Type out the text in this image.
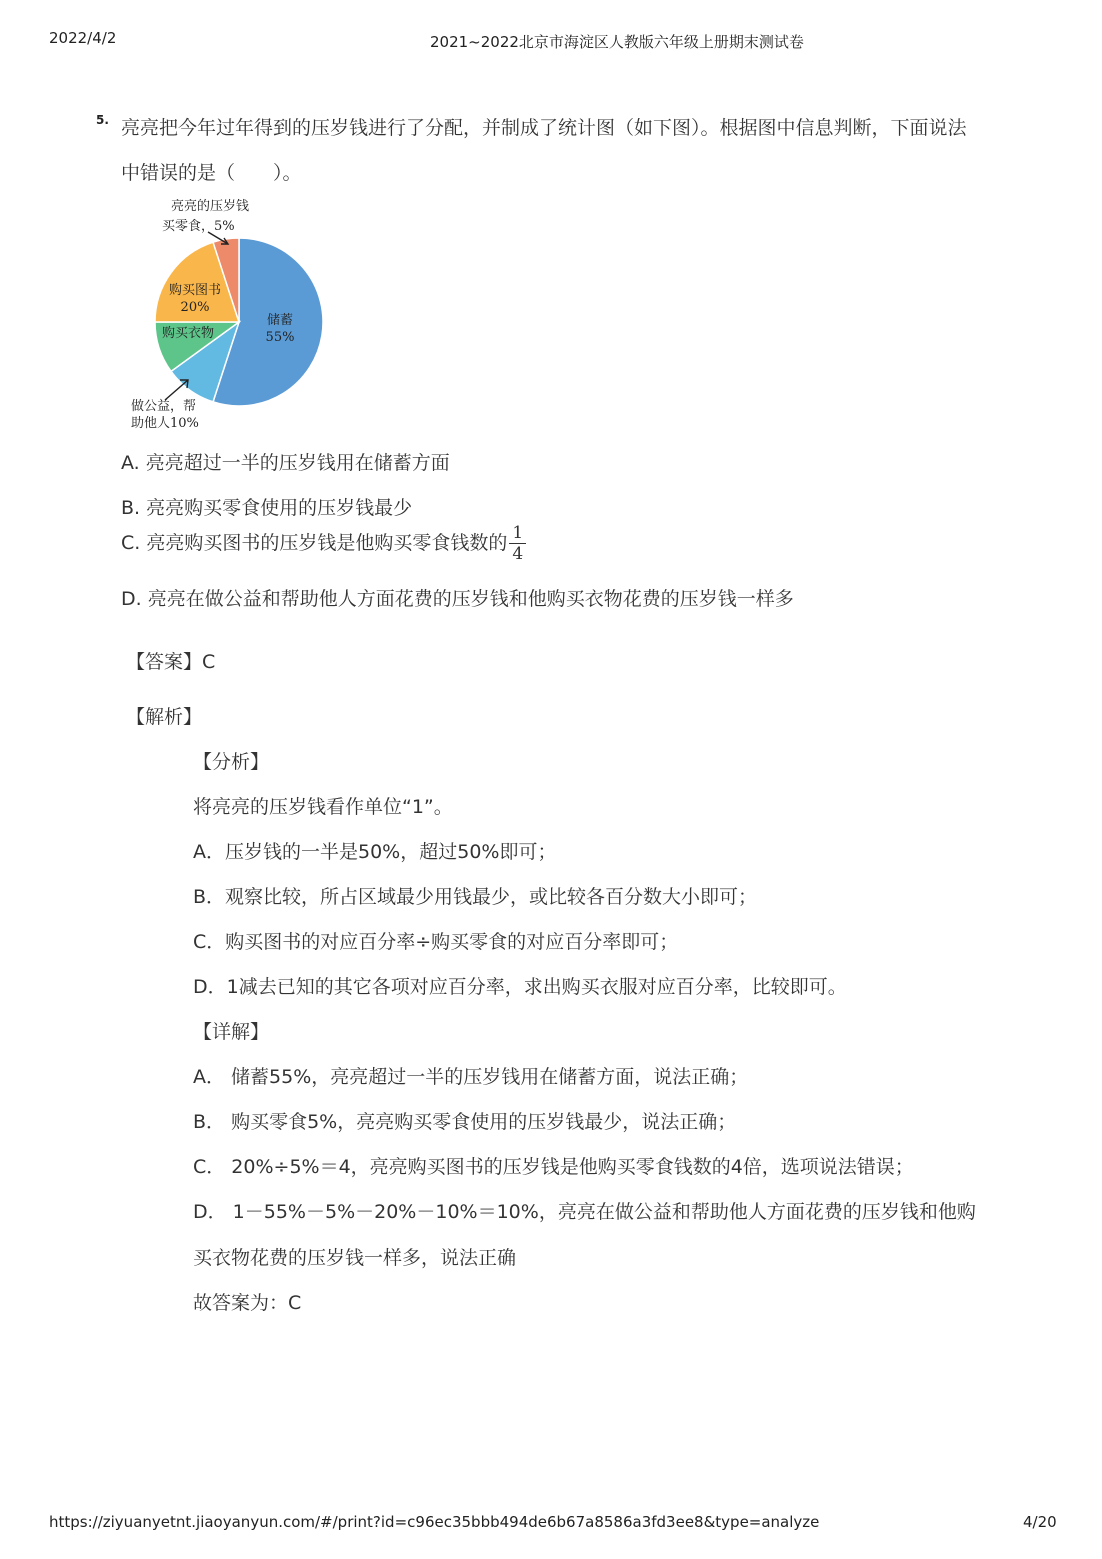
2022/4/2	2021~2022北京市海淀区人教版六年级上册期末测试卷
5. 亮亮把今年过年得到的压岁钱进行了分配，并制成了统计图（如下图）。根据图中信息判断，下面说法
中错误的是（　　）。
亮亮的压岁钱
买零食，5%
储蓄
55%
购买图书
20%
购买衣物
做公益，帮
助他人10%
A. 亮亮超过一半的压岁钱用在储蓄方面
B. 亮亮购买零食使用的压岁钱最少
C. 亮亮购买图书的压岁钱是他购买零食钱数的 $\frac{1}{4}$
D. 亮亮在做公益和帮助他人方面花费的压岁钱和他购买衣物花费的压岁钱一样多
【答案】C
【解析】
【分析】
将亮亮的压岁钱看作单位“1”。
A．压岁钱的一半是50%，超过50%即可；
B．观察比较，所占区域最少用钱最少，或比较各百分数大小即可；
C．购买图书的对应百分率÷购买零食的对应百分率即可；
D．1减去已知的其它各项对应百分率，求出购买衣服对应百分率，比较即可。
【详解】
A． 储蓄55%，亮亮超过一半的压岁钱用在储蓄方面，说法正确；
B． 购买零食5%，亮亮购买零食使用的压岁钱最少，说法正确；
C． 20%÷5%＝4，亮亮购买图书的压岁钱是他购买零食钱数的4倍，选项说法错误；
D． 1－55%－5%－20%－10%＝10%，亮亮在做公益和帮助他人方面花费的压岁钱和他购
买衣物花费的压岁钱一样多，说法正确
故答案为：C
https://ziyuanyetnt.jiaoyanyun.com/#/print?id=c96ec35bbb494de6b67a8586a3fd3ee8&type=analyze	4/20
